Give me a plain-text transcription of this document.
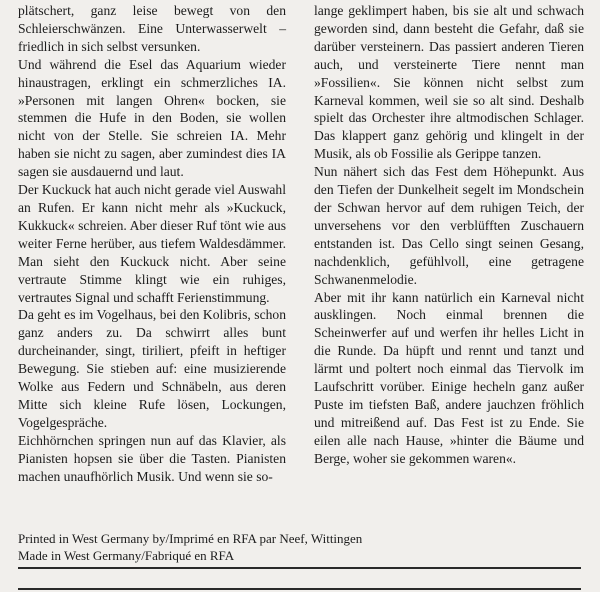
plätschert, ganz leise bewegt von den Schleierschwänzen. Eine Unterwasserwelt – friedlich in sich selbst versunken.

Und während die Esel das Aquarium wieder hinaustragen, erklingt ein schmerzliches IA. »Personen mit langen Ohren« bocken, sie stemmen die Hufe in den Boden, sie wollen nicht von der Stelle. Sie schreien IA. Mehr haben sie nicht zu sagen, aber zumindest dies IA sagen sie ausdauernd und laut.

Der Kuckuck hat auch nicht gerade viel Auswahl an Rufen. Er kann nicht mehr als »Kuckuck, Kukkuck« schreien. Aber dieser Ruf tönt wie aus weiter Ferne herüber, aus tiefem Waldesdämmer. Man sieht den Kuckuck nicht. Aber seine vertraute Stimme klingt wie ein ruhiges, vertrautes Signal und schafft Ferienstimmung.

Da geht es im Vogelhaus, bei den Kolibris, schon ganz anders zu. Da schwirrt alles bunt durcheinander, singt, tiriliert, pfeift in heftiger Bewegung. Sie stieben auf: eine musizierende Wolke aus Federn und Schnäbeln, aus deren Mitte sich kleine Rufe lösen, Lockungen, Vogelgespräche.

Eichhörnchen springen nun auf das Klavier, als Pianisten hopsen sie über die Tasten. Pianisten machen unaufhörlich Musik. Und wenn sie so-

lange geklimpert haben, bis sie alt und schwach geworden sind, dann besteht die Gefahr, daß sie darüber versteinern. Das passiert anderen Tieren auch, und versteinerte Tiere nennt man »Fossilien«. Sie können nicht selbst zum Karneval kommen, weil sie so alt sind. Deshalb spielt das Orchester ihre altmodischen Schlager. Das klappert ganz gehörig und klingelt in der Musik, als ob Fossilie als Gerippe tanzen.

Nun nähert sich das Fest dem Höhepunkt. Aus den Tiefen der Dunkelheit segelt im Mondschein der Schwan hervor auf dem ruhigen Teich, der unversehens vor den verblüfften Zuschauern entstanden ist. Das Cello singt seinen Gesang, nachdenklich, gefühlvoll, eine getragene Schwanenmelodie.

Aber mit ihr kann natürlich ein Karneval nicht ausklingen. Noch einmal brennen die Scheinwerfer auf und werfen ihr helles Licht in die Runde. Da hüpft und rennt und tanzt und lärmt und poltert noch einmal das Tiervolk im Laufschritt vorüber. Einige hecheln ganz außer Puste im tiefsten Baß, andere jauchzen fröhlich und mitreißend auf. Das Fest ist zu Ende. Sie eilen alle nach Hause, »hinter die Bäume und Berge, woher sie gekommen waren«.

Printed in West Germany by/Imprimé en RFA par Neef, Wittingen
Made in West Germany/Fabriqué en RFA
